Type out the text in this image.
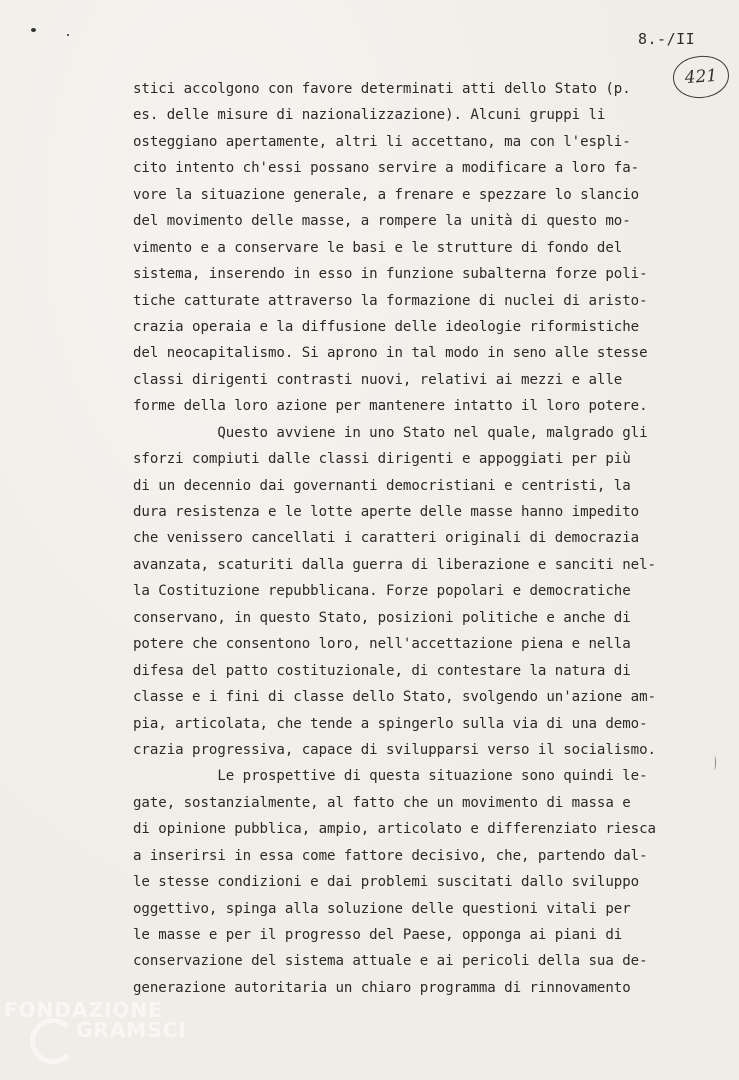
8.-/II
421
stici accolgono con favore determinati atti dello Stato (p.
es. delle misure di nazionalizzazione). Alcuni gruppi li
osteggiano apertamente, altri li accettano, ma con l'espli-
cito intento ch'essi possano servire a modificare a loro fa-
vore la situazione generale, a frenare e spezzare lo slancio
del movimento delle masse, a rompere la unità di questo mo-
vimento e a conservare le basi e le strutture di fondo del
sistema, inserendo in esso in funzione subalterna forze poli-
tiche catturate attraverso la formazione di nuclei di aristo-
crazia operaia e la diffusione delle ideologie riformistiche
del neocapitalismo. Si aprono in tal modo in seno alle stesse
classi dirigenti contrasti nuovi, relativi ai mezzi e alle
forme della loro azione per mantenere intatto il loro potere.
Questo avviene in uno Stato nel quale, malgrado gli
sforzi compiuti dalle classi dirigenti e appoggiati per più
di un decennio dai governanti democristiani e centristi, la
dura resistenza e le lotte aperte delle masse hanno impedito
che venissero cancellati i caratteri originali di democrazia
avanzata, scaturiti dalla guerra di liberazione e sanciti nel-
la Costituzione repubblicana. Forze popolari e democratiche
conservano, in questo Stato, posizioni politiche e anche di
potere che consentono loro, nell'accettazione piena e nella
difesa del patto costituzionale, di contestare la natura di
classe e i fini di classe dello Stato, svolgendo un'azione am-
pia, articolata, che tende a spingerlo sulla via di una demo-
crazia progressiva, capace di svilupparsi verso il socialismo.
Le prospettive di questa situazione sono quindi le-
gate, sostanzialmente, al fatto che un movimento di massa e
di opinione pubblica, ampio, articolato e differenziato riesca
a inserirsi in essa come fattore decisivo, che, partendo dal-
le stesse condizioni e dai problemi suscitati dallo sviluppo
oggettivo, spinga alla soluzione delle questioni vitali per
le masse e per il progresso del Paese, opponga ai piani di
conservazione del sistema attuale e ai pericoli della sua de-
generazione autoritaria un chiaro programma di rinnovamento
FONDAZIONE
GRAMSCI
